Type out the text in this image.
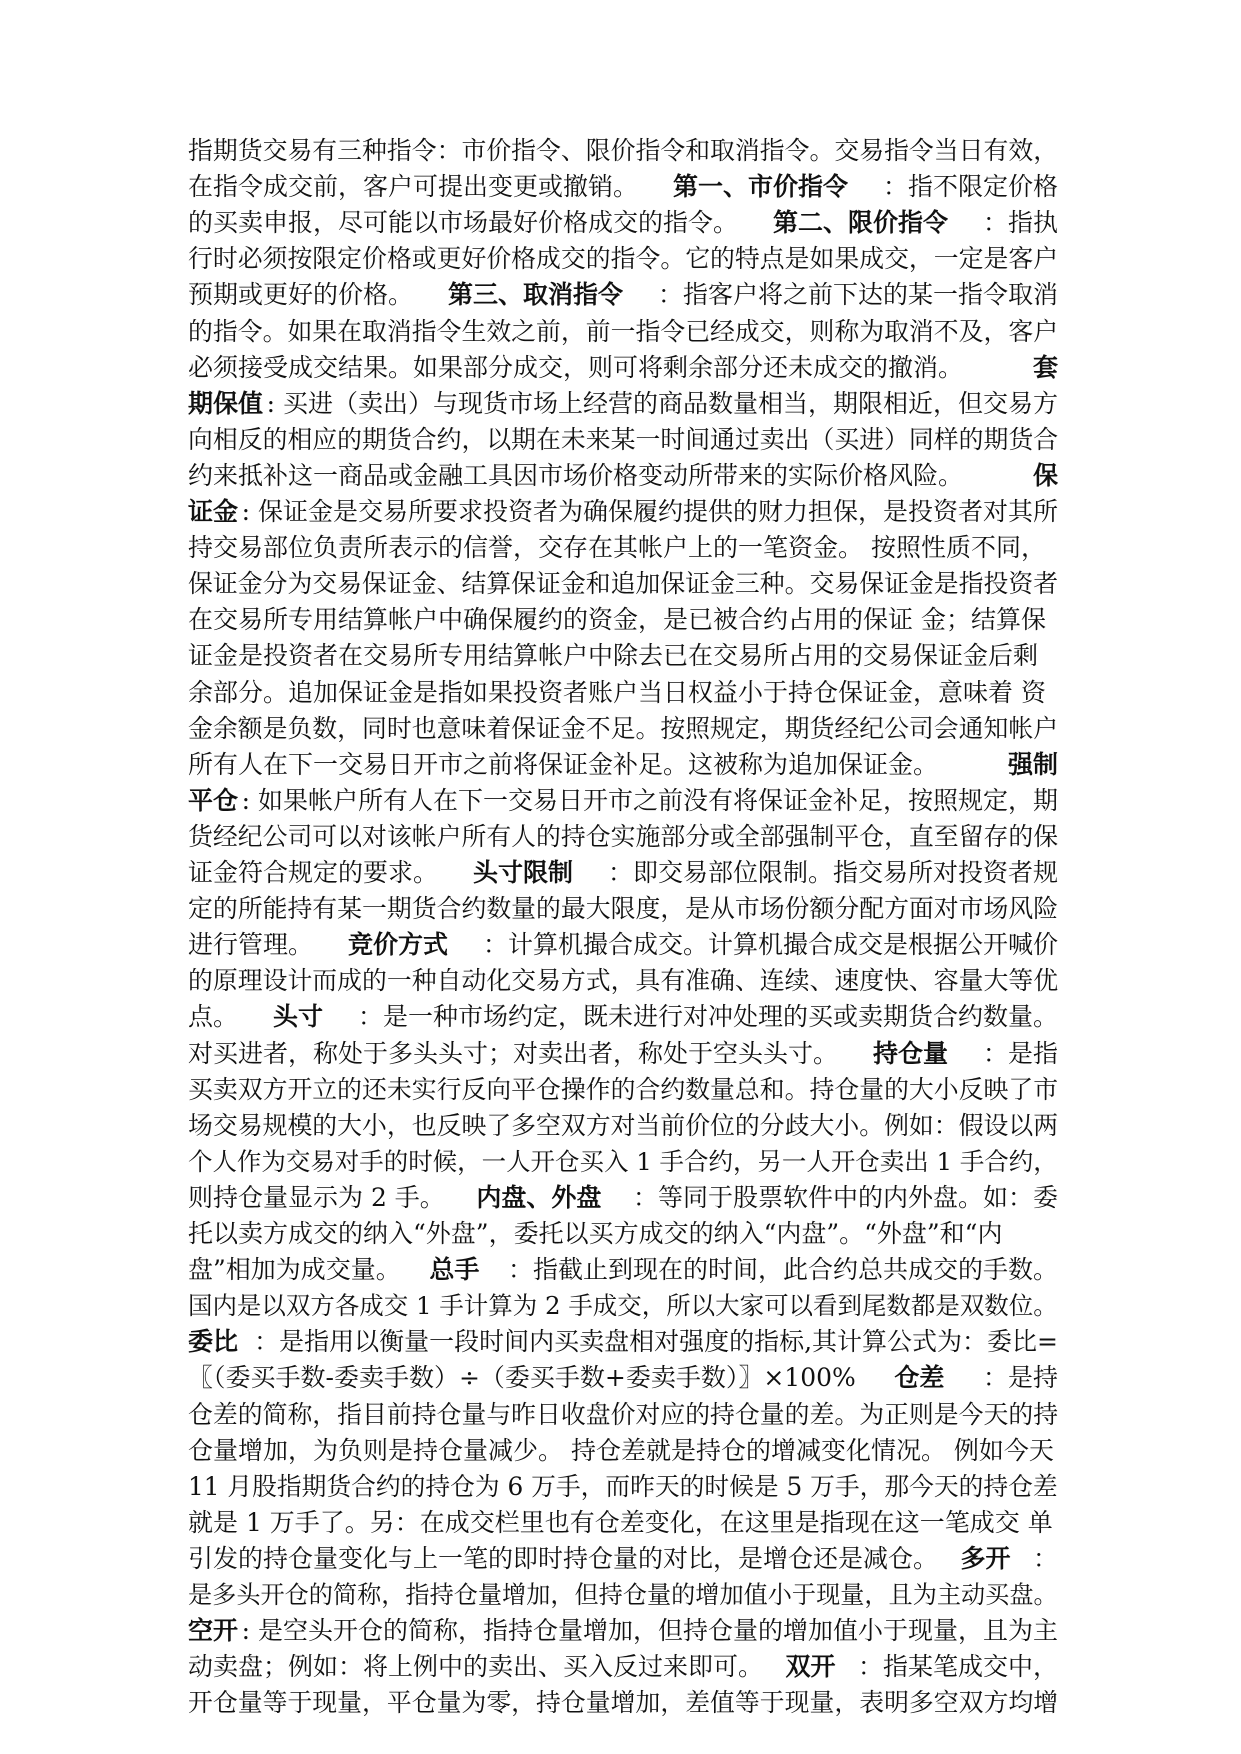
指期货交易有三种指令：市价指令、限价指令和取消指令。交易指令当日有效，
在指令成交前，客户可提出变更或撤销。 第一、市价指令 ：指不限定价格
的买卖申报，尽可能以市场最好价格成交的指令。 第二、限价指令 ：指执
行时必须按限定价格或更好价格成交的指令。它的特点是如果成交，一定是客户
预期或更好的价格。 第三、取消指令 ：指客户将之前下达的某一指令取消
的指令。如果在取消指令生效之前，前一指令已经成交，则称为取消不及，客户
必须接受成交结果。如果部分成交，则可将剩余部分还未成交的撤消。	套
期保值 : 买进（卖出）与现货市场上经营的商品数量相当，期限相近，但交易方
向相反的相应的期货合约，以期在未来某一时间通过卖出（买进）同样的期货合
约来抵补这一商品或金融工具因市场价格变动所带来的实际价格风险。	保
证金 : 保证金是交易所要求投资者为确保履约提供的财力担保，是投资者对其所
持交易部位负责所表示的信誉，交存在其帐户上的一笔资金。 按照性质不同，
保证金分为交易保证金、结算保证金和追加保证金三种。交易保证金是指投资者
在交易所专用结算帐户中确保履约的资金，是已被合约占用的保证 金；结算保
证金是投资者在交易所专用结算帐户中除去已在交易所占用的交易保证金后剩
余部分。追加保证金是指如果投资者账户当日权益小于持仓保证金，意味着 资
金余额是负数，同时也意味着保证金不足。按照规定，期货经纪公司会通知帐户
所有人在下一交易日开市之前将保证金补足。这被称为追加保证金。	强制
平仓 : 如果帐户所有人在下一交易日开市之前没有将保证金补足，按照规定，期
货经纪公司可以对该帐户所有人的持仓实施部分或全部强制平仓，直至留存的保
证金符合规定的要求。 头寸限制 ：即交易部位限制。指交易所对投资者规
定的所能持有某一期货合约数量的最大限度，是从市场份额分配方面对市场风险
进行管理。 竞价方式 ：计算机撮合成交。计算机撮合成交是根据公开喊价
的原理设计而成的一种自动化交易方式，具有准确、连续、速度快、容量大等优
点。 头寸 ：是一种市场约定，既未进行对冲处理的买或卖期货合约数量。
对买进者，称处于多头头寸；对卖出者，称处于空头头寸。 持仓量 ：是指
买卖双方开立的还未实行反向平仓操作的合约数量总和。持仓量的大小反映了市
场交易规模的大小，也反映了多空双方对当前价位的分歧大小。例如：假设以两
个人作为交易对手的时候，一人开仓买入 1 手合约，另一人开仓卖出 1 手合约，
则持仓量显示为 2 手。 内盘、外盘 ：等同于股票软件中的内外盘。如：委
托以卖方成交的纳入“外盘”，委托以买方成交的纳入“内盘”。“外盘”和“内
盘”相加为成交量。 总手 ：指截止到现在的时间，此合约总共成交的手数。
国内是以双方各成交 1 手计算为 2 手成交，所以大家可以看到尾数都是双数位。
委比 ：是指用以衡量一段时间内买卖盘相对强度的指标,其计算公式为：委比=
〖（委买手数-委卖手数）÷（委买手数+委卖手数）〗×100% 仓差 ：是持
仓差的简称，指目前持仓量与昨日收盘价对应的持仓量的差。为正则是今天的持
仓量增加，为负则是持仓量减少。 持仓差就是持仓的增减变化情况。 例如今天
11 月股指期货合约的持仓为 6 万手，而昨天的时候是 5 万手，那今天的持仓差
就是 1 万手了。另：在成交栏里也有仓差变化，在这里是指现在这一笔成交 单
引发的持仓量变化与上一笔的即时持仓量的对比，是增仓还是减仓。 多开 ：
是多头开仓的简称，指持仓量增加，但持仓量的增加值小于现量，且为主动买盘。
空开 : 是空头开仓的简称，指持仓量增加，但持仓量的增加值小于现量，且为主
动卖盘；例如：将上例中的卖出、买入反过来即可。 双开 ：指某笔成交中，
开仓量等于现量，平仓量为零，持仓量增加，差值等于现量，表明多空双方均增
